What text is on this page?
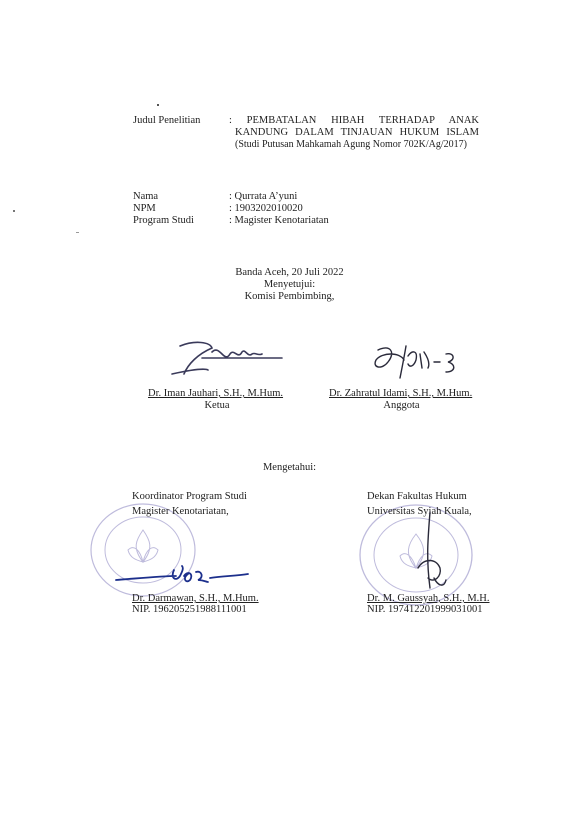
Judul Penelitian	: PEMBATALAN HIBAH TERHADAP ANAK
KANDUNG DALAM TINJAUAN HUKUM ISLAM
(Studi Putusan Mahkamah Agung Nomor 702K/Ag/2017)
Nama	: Qurrata A’yuni
NPM	: 1903202010020
Program Studi	: Magister Kenotariatan
Banda Aceh, 20 Juli 2022
Menyetujui:
Komisi Pembimbing,
Dr. Iman Jauhari, S.H., M.Hum.
Ketua
Dr. Zahratul Idami, S.H., M.Hum.
Anggota
Mengetahui:
Koordinator Program Studi
Magister Kenotariatan,
Dr. Darmawan, S.H., M.Hum.
NIP. 196205251988111001
Dekan Fakultas Hukum
Universitas Syiah Kuala,
Dr. M. Gaussyah, S.H., M.H.
NIP. 197412201999031001
